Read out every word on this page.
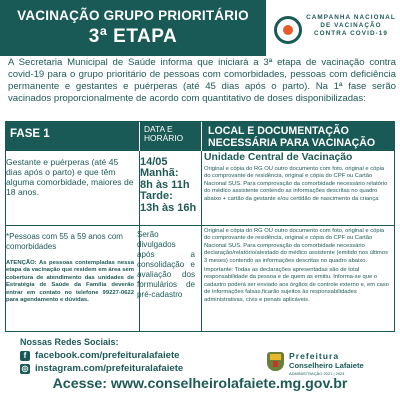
VACINAÇÃO GRUPO PRIORITÁRIO
3ª ETAPA
CAMPANHA NACIONAL
DE VACINAÇÃO
CONTRA COVID-19
A Secretaria Municipal de Saúde informa que iniciará a 3ª etapa de vacinação contra covid-19 para o grupo prioritário de pessoas com comorbidades, pessoas com deficiência permanente e gestantes e puérperas (até 45 dias após o parto). Na 1ª fase serão vacinados proporcionalmente de acordo com quantitativo de doses disponibilizadas:
FASE 1	DATA E HORÁRIO
LOCAL E DOCUMENTAÇÃO NECESSÁRIA PARA VACINAÇÃO
Gestante e puérperas (até 45 dias após o parto) e que têm alguma comorbidade, maiores de 18 anos.
14/05
Manhã:
8h às 11h
Tarde:
13h às 16h
Unidade Central de Vacinação
Original e cópia do RG OU outro documento com foto, original e cópia do comprovante de residência, original e cópia do CPF ou Cartão Nacional SUS. Para comprovação da comorbidade necessário relatório do médico assistente contendo as informações descritas no quadro abaixo + cartão da gestante e/ou certidão de nascimento da criança
*Pessoas com 55 a 59 anos com comorbidades
ATENÇÃO: As pessoas contempladas nessa etapa da vacinação que residem em área sem cobertura de atendimento das unidades de Estratégia de Saúde da Família deverão entrar em contato no telefone 99227-0622 para agendamento e dúvidas.
Serão divulgados após a consolidação e avaliação dos formulários de pré-cadastro
Original e cópia do RG OU outro documento com foto, original e cópia do comprovante de residência, original e cópia do CPF ou Cartão Nacional SUS. Para comprovação da comorbidade necessário declaração/relatório/atestado do médico assistente (emitido nos últimos 3 meses) contendo as informações descritas no quadro abaixo.
Importante: Todas as declarações apresentadas são de total responsabilidade da pessoa e de quem as emitiu. Informa-se que o cadastro poderá ser enviado aos órgãos de controle externo e, em caso de informações falsas,ficarão sujeitos às responsabilidades administrativas, cívis e penais aplicáveis.
Nossas Redes Sociais:
f facebook.com/prefeituralafaiete
◎ instagram.com/prefeituralafaiete
Prefeitura
Conselheiro Lafaiete
ADMINISTRAÇÃO 2021 | 2024
Acesse: www.conselheirolafaiete.mg.gov.br
